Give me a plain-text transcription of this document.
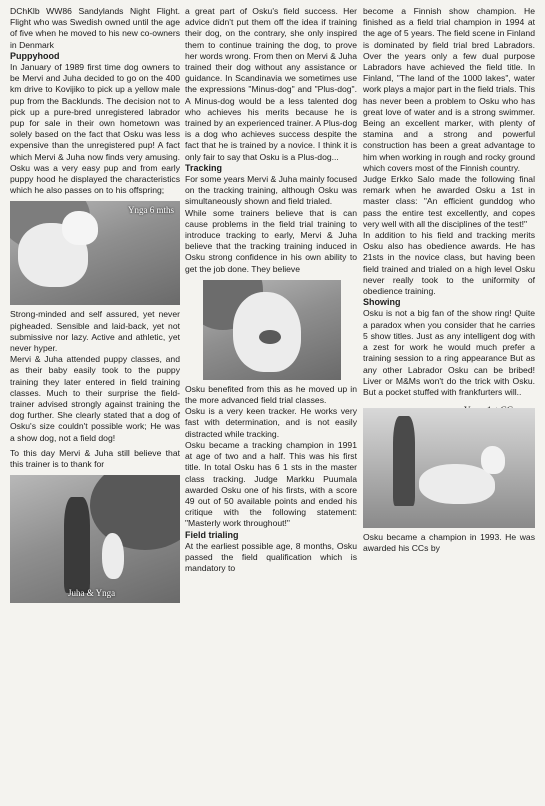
DChKlb WW86 Sandylands Night Flight. Flight who was Swedish owned until the age of five when he moved to his new co-owners in Denmark

Puppyhood

In January of 1989 first time dog owners to be Mervi and Juha decided to go on the 400 km drive to Kovijiko to pick up a yellow male pup from the Backlunds. The decision not to pick up a pure-bred unregistered labrador pup for sale in their own hometown was solely based on the fact that Osku was less expensive than the unregistered pup! A fact which Mervi & Juha now finds very amusing. Osku was a very easy pup and from early puppy hood he displayed the characteristics which he also passes on to his offspring;

Ynga 6 mths

Strong-minded and self assured, yet never pigheaded. Sensible and laid-back, yet not submissive nor lazy. Active and athletic, yet never hyper.

Mervi & Juha attended puppy classes, and as their baby easily took to the puppy training they later entered in field training classes. Much to their surprise the field-trainer advised strongly against training the dog further. She clearly stated that a dog of Osku's size couldn't possible work; He was a show dog, not a field dog!

To this day Mervi & Juha still believe that this trainer is to thank for

Juha & Ynga

a great part of Osku's field success. Her advice didn't put them off the idea if training their dog, on the contrary, she only inspired them to continue training the dog, to prove her words wrong. From then on Mervi & Juha trained their dog without any assistance or guidance. In Scandinavia we sometimes use the expressions "Minus-dog" and "Plus-dog". A Minus-dog would be a less talented dog who achieves his merits because he is trained by an experienced trainer. A Plus-dog is a dog who achieves success despite the fact that he is trained by a novice. I think it is only fair to say that Osku is a Plus-dog...

Tracking

For some years Mervi & Juha mainly focused on the tracking training, although Osku was simultaneously shown and field trialed.

While some trainers believe that is can cause problems in the field trial training to introduce tracking to early, Mervi & Juha believe that the tracking training induced in Osku strong confidence in his own ability to get the job done. They believe

Osku benefited from this as he moved up in the more advanced field trial classes.

Osku is a very keen tracker. He works very fast with determination, and is not easily distracted while tracking.

Osku became a tracking champion in 1991 at age of two and a half. This was his first title. In total Osku has 6 1 sts in the master class tracking. Judge Markku Puumala awarded Osku one of his firsts, with a score 49 out of 50 available points and ended his critique with the following statement: "Masterly work throughout!"

Field trialing

At the earliest possible age, 8 months, Osku passed the field qualification which is mandatory to

become a Finnish show champion. He finished as a field trial champion in 1994 at the age of 5 years. The field scene in Finland is dominated by field trial bred Labradors. Over the years only a few dual purpose Labradors have achieved the field title. In Finland, "The land of the 1000 lakes", water work plays a major part in the field trials. This has never been a problem to Osku who has great love of water and is a strong swimmer. Being an excellent marker, with plenty of stamina and a strong and powerful construction has been a great advantage to him when working in rough and rocky ground which covers most of the Finnish country.

Judge Erkko Salo made the following final remark when he awarded Osku a 1st in master class: "An efficient gunddog who pass the entire test excellently, and copes very well with all the disciplines of the test!"

In addition to his field and tracking merits Osku also has obedience awards. He has 21sts in the novice class, but having been field trained and trialed on a high level Osku never really took to the uniformity of obedience training.

Showing

Osku is not a big fan of the show ring! Quite a paradox when you consider that he carries 5 show titles. Just as any intelligent dog with a zest for work he would much prefer a training session to a ring appearance But as any other Labrador Osku can be bribed! Liver or M&Ms won't do the trick with Osku. But a pocket stuffed with frankfurters will..

Osku became a champion in 1993. He was awarded his CCs by
